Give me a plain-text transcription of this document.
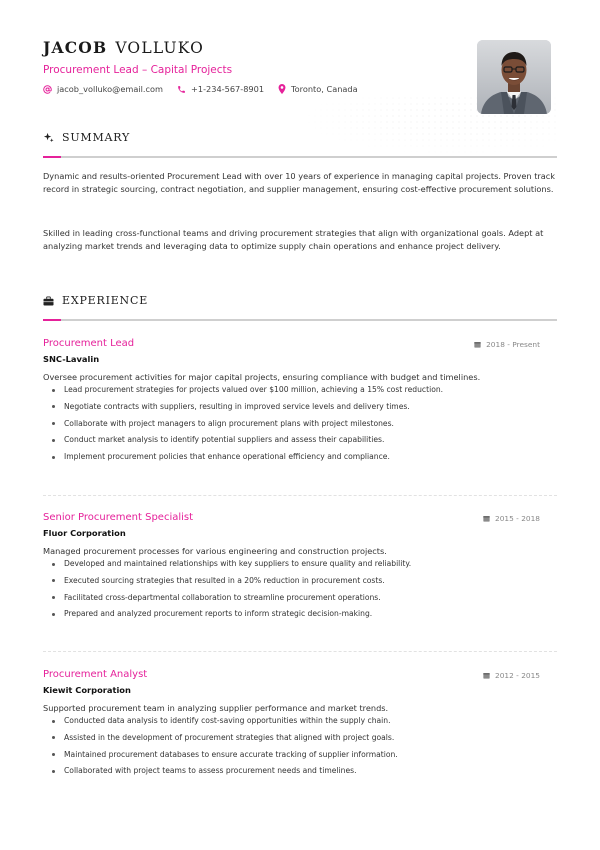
JACOB VOLLUKO
Procurement Lead – Capital Projects
jacob_volluko@email.com	+1-234-567-8901	Toronto, Canada
SUMMARY
Dynamic and results-oriented Procurement Lead with over 10 years of experience in managing capital projects. Proven track record in strategic sourcing, contract negotiation, and supplier management, ensuring cost-effective procurement solutions.
Skilled in leading cross-functional teams and driving procurement strategies that align with organizational goals. Adept at analyzing market trends and leveraging data to optimize supply chain operations and enhance project delivery.
EXPERIENCE
Procurement Lead	2018 - Present
SNC-Lavalin
Oversee procurement activities for major capital projects, ensuring compliance with budget and timelines.
Lead procurement strategies for projects valued over $100 million, achieving a 15% cost reduction.
Negotiate contracts with suppliers, resulting in improved service levels and delivery times.
Collaborate with project managers to align procurement plans with project milestones.
Conduct market analysis to identify potential suppliers and assess their capabilities.
Implement procurement policies that enhance operational efficiency and compliance.
Senior Procurement Specialist	2015 - 2018
Fluor Corporation
Managed procurement processes for various engineering and construction projects.
Developed and maintained relationships with key suppliers to ensure quality and reliability.
Executed sourcing strategies that resulted in a 20% reduction in procurement costs.
Facilitated cross-departmental collaboration to streamline procurement operations.
Prepared and analyzed procurement reports to inform strategic decision-making.
Procurement Analyst	2012 - 2015
Kiewit Corporation
Supported procurement team in analyzing supplier performance and market trends.
Conducted data analysis to identify cost-saving opportunities within the supply chain.
Assisted in the development of procurement strategies that aligned with project goals.
Maintained procurement databases to ensure accurate tracking of supplier information.
Collaborated with project teams to assess procurement needs and timelines.
